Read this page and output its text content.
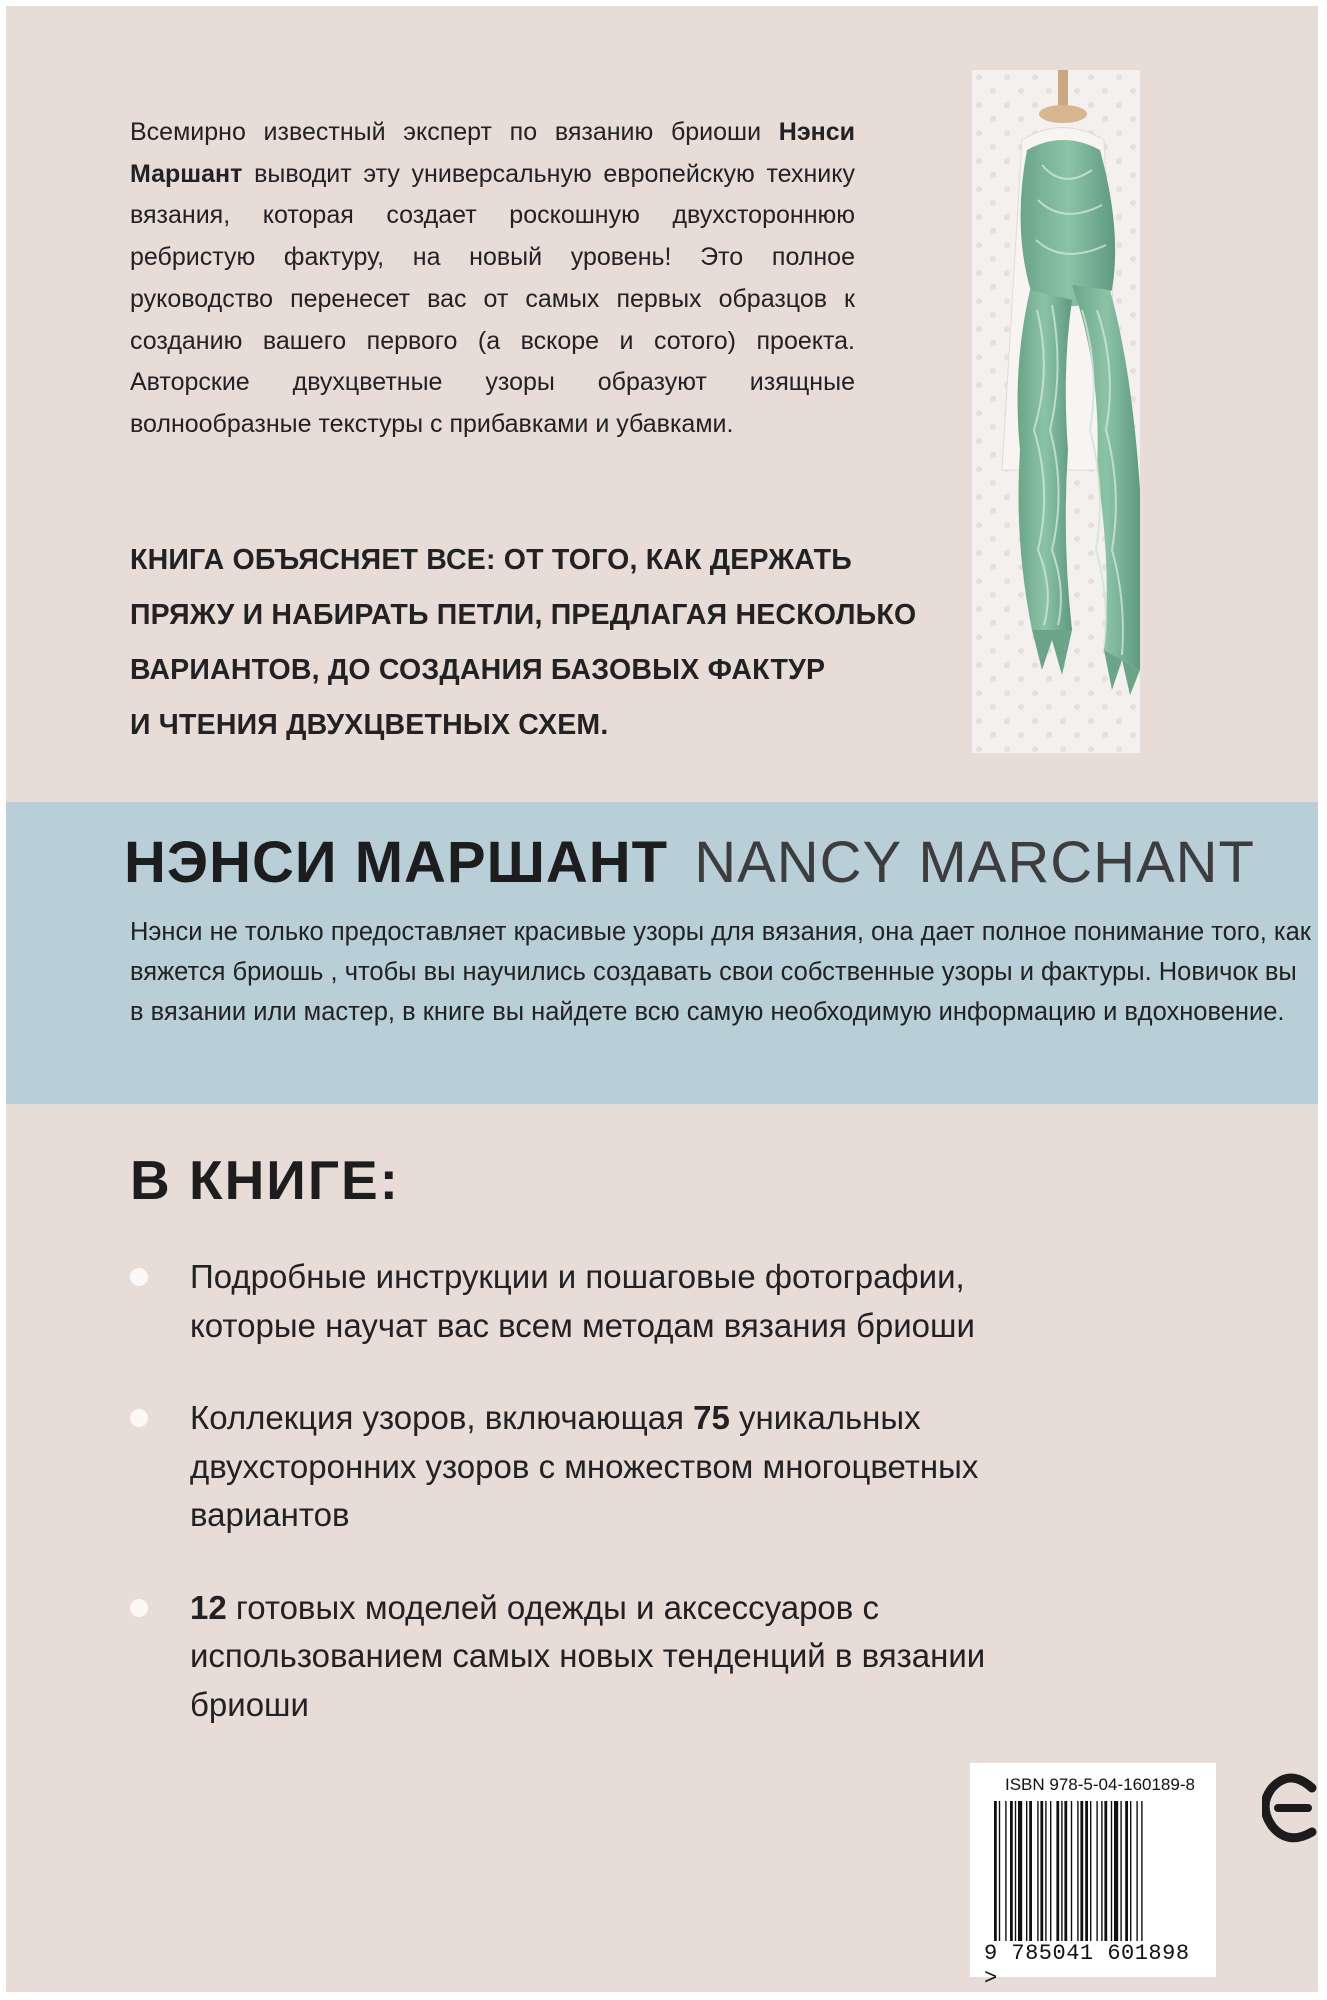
Всемирно известный эксперт по вязанию бриоши Нэнси Маршант выводит эту универсальную европейскую технику вязания, которая создает роскошную двухстороннюю ребристую фактуру, на новый уровень! Это полное руководство перенесет вас от самых первых образцов к созданию вашего первого (а вскоре и сотого) проекта. Авторские двухцветные узоры образуют изящные волнообразные текстуры с прибавками и убавками.
КНИГА ОБЪЯСНЯЕТ ВСЕ: ОТ ТОГО, КАК ДЕРЖАТЬ
ПРЯЖУ И НАБИРАТЬ ПЕТЛИ, ПРЕДЛАГАЯ НЕСКОЛЬКО
ВАРИАНТОВ, ДО СОЗДАНИЯ БАЗОВЫХ ФАКТУР
И ЧТЕНИЯ ДВУХЦВЕТНЫХ СХЕМ.
НЭНСИ МАРШАНТ NANCY MARCHANT
Нэнси не только предоставляет красивые узоры для вязания, она дает полное понимание того, как вяжется бриошь , чтобы вы научились создавать свои собственные узоры и фактуры. Новичок вы в вязании или мастер, в книге вы найдете всю самую необходимую информацию и вдохновение.
В КНИГЕ:
Подробные инструкции и пошаговые фотографии, которые научат вас всем методам вязания бриоши
Коллекция узоров, включающая 75 уникальных двухсторонних узоров с множеством многоцветных вариантов
12 готовых моделей одежды и аксессуаров с использованием самых новых тенденций в вязании бриоши
ISBN 978-5-04-160189-8
9 785041 601898 >
